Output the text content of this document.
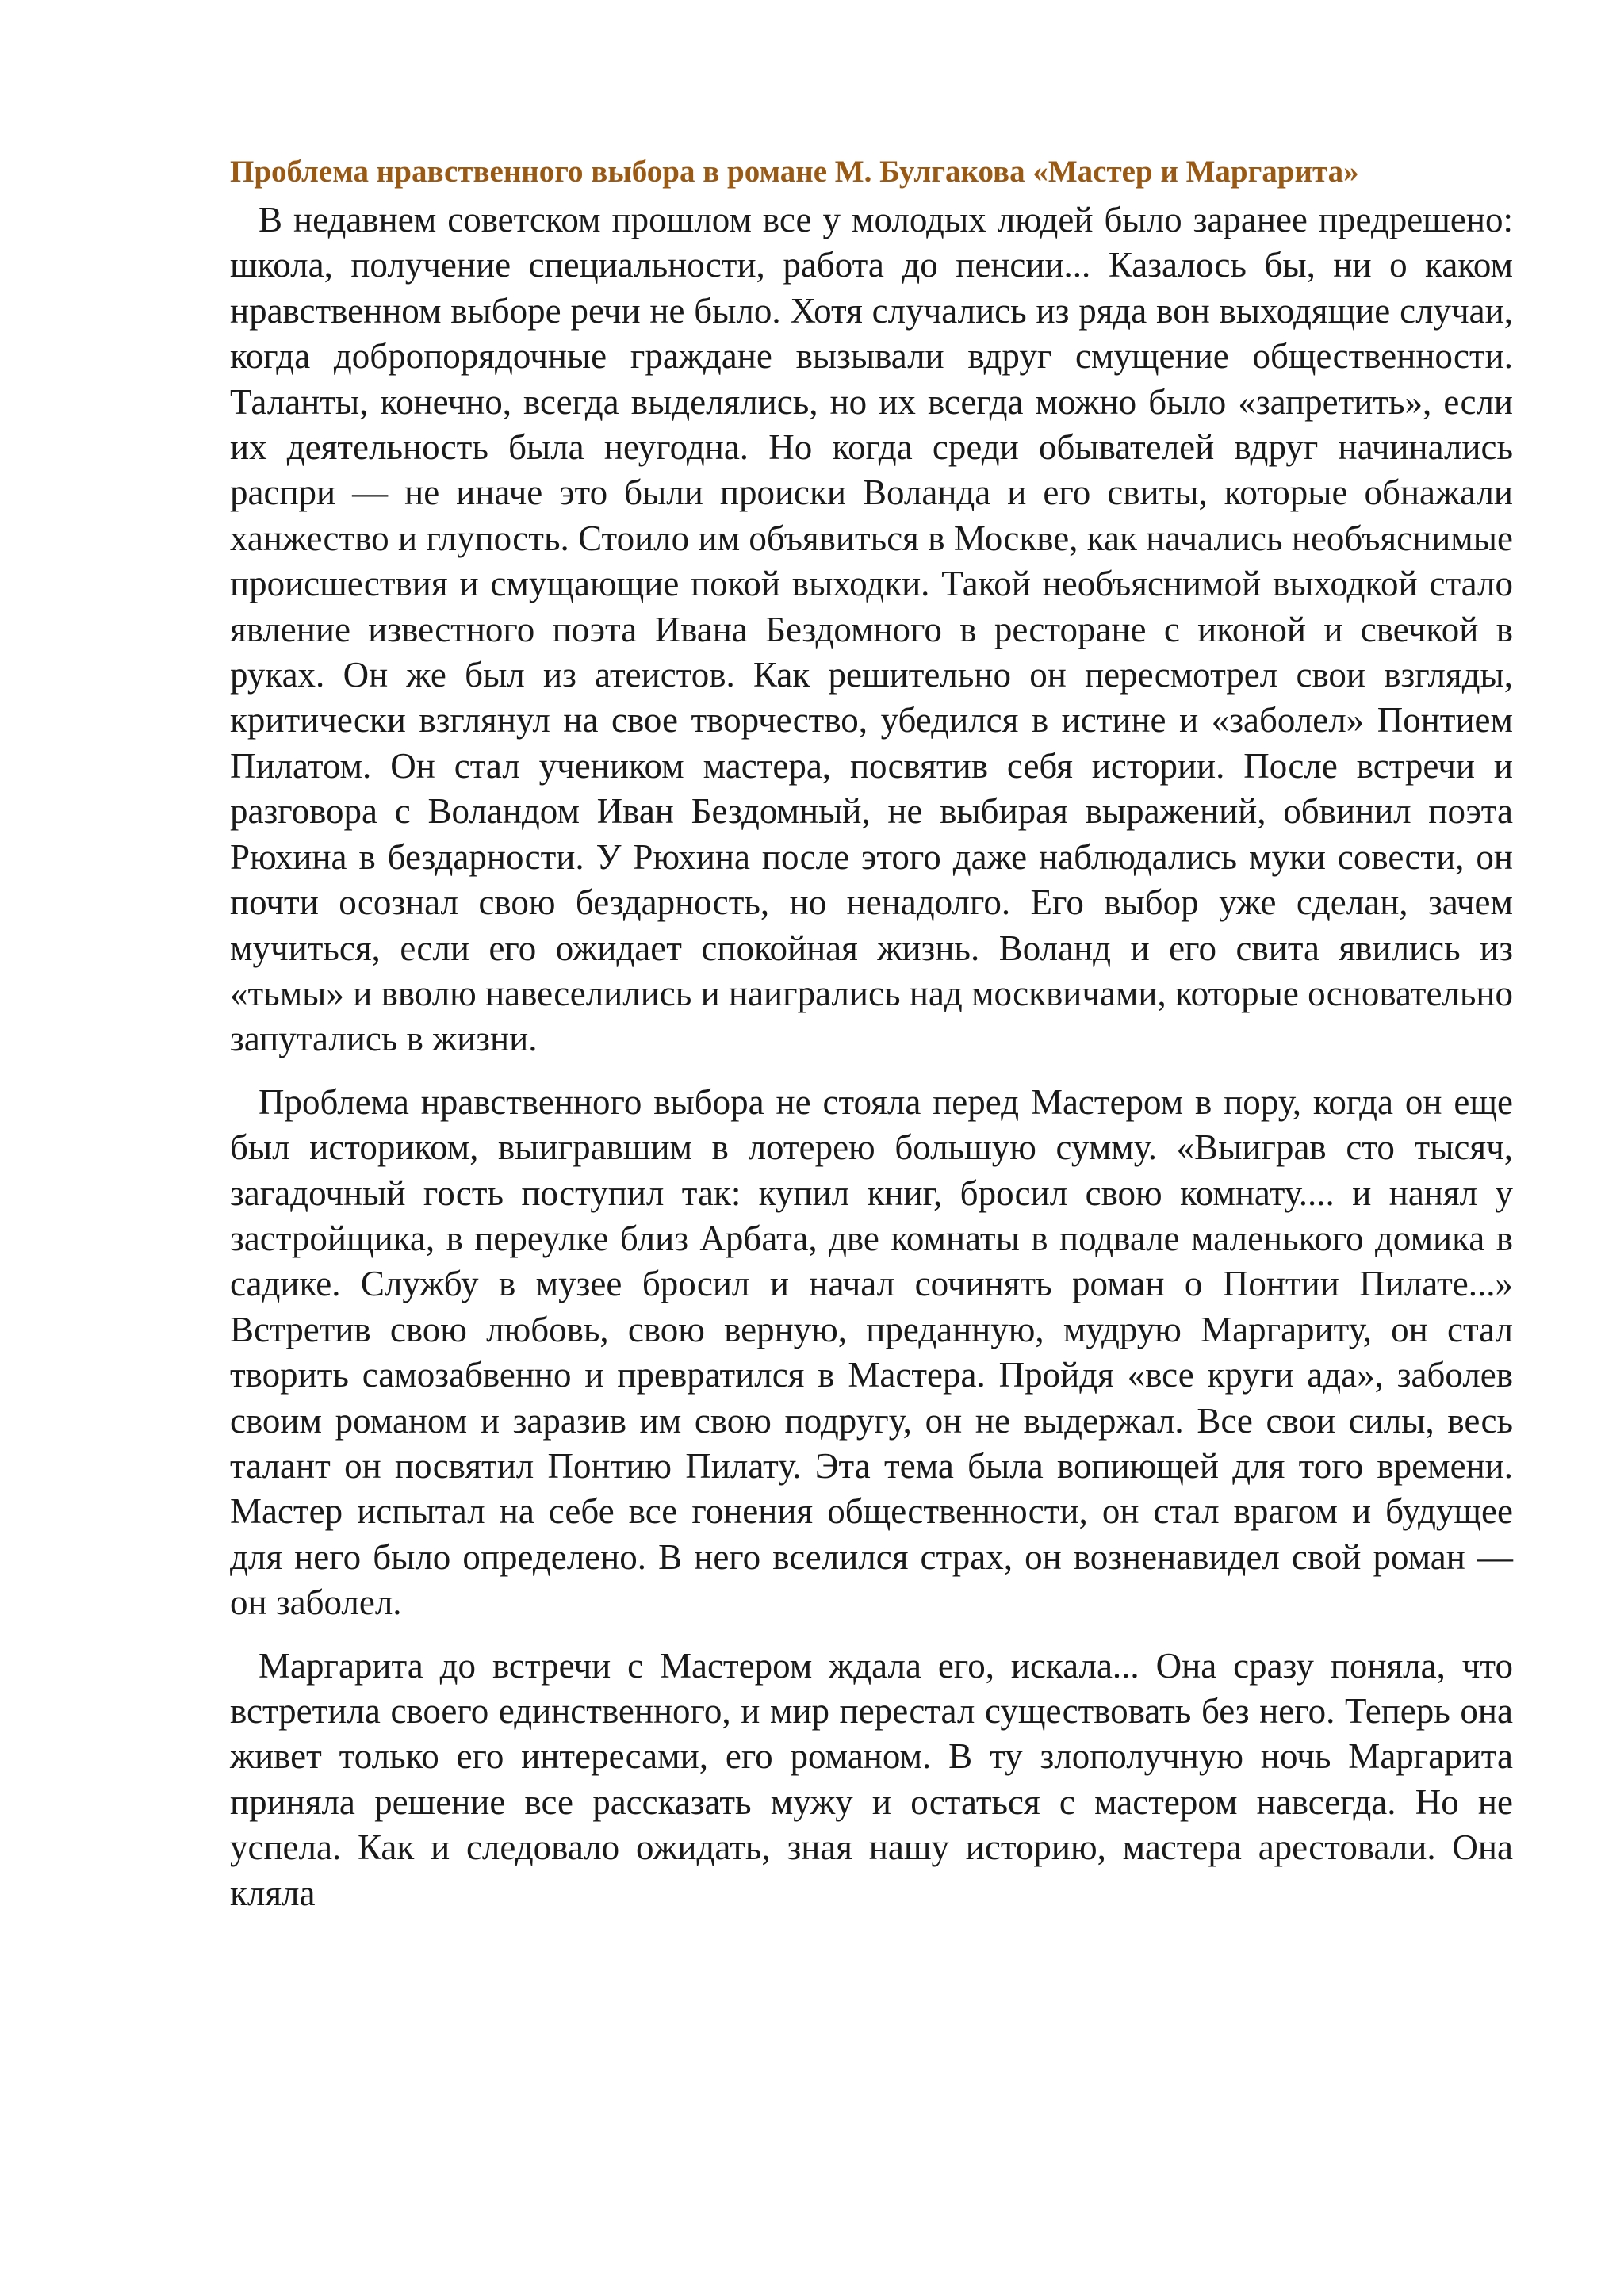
Проблема нравственного выбора в романе М. Булгакова «Мастер и Маргарита»

В недавнем советском прошлом все у молодых людей было заранее предрешено: школа, получение специальности, работа до пенсии... Казалось бы, ни о каком нравственном выборе речи не было. Хотя случались из ряда вон выходящие случаи, когда добропорядочные граждане вызывали вдруг смущение общественности. Таланты, конечно, всегда выделялись, но их всегда можно было «запретить», если их деятельность была неугодна. Но когда среди обывателей вдруг начинались распри — не иначе это были происки Воланда и его свиты, которые обнажали ханжество и глупость. Стоило им объявиться в Москве, как начались необъяснимые происшествия и смущающие покой выходки. Такой необъяснимой выходкой стало явление известного поэта Ивана Бездомного в ресторане с иконой и свечкой в руках. Он же был из атеистов. Как решительно он пересмотрел свои взгляды, критически взглянул на свое творчество, убедился в истине и «заболел» Понтием Пилатом. Он стал учеником мастера, посвятив себя истории. После встречи и разговора с Воландом Иван Бездомный, не выбирая выражений, обвинил поэта Рюхина в бездарности. У Рюхина после этого даже наблюдались муки совести, он почти осознал свою бездарность, но ненадолго. Его выбор уже сделан, зачем мучиться, если его ожидает спокойная жизнь. Воланд и его свита явились из «тьмы» и вволю навеселились и наигрались над москвичами, которые основательно запутались в жизни.

Проблема нравственного выбора не стояла перед Мастером в пору, когда он еще был историком, выигравшим в лотерею большую сумму. «Выиграв сто тысяч, загадочный гость поступил так: купил книг, бросил свою комнату.... и нанял у застройщика, в переулке близ Арбата, две комнаты в подвале маленького домика в садике. Службу в музее бросил и начал сочинять роман о Понтии Пилате...» Встретив свою любовь, свою верную, преданную, мудрую Маргариту, он стал творить самозабвенно и превратился в Мастера. Пройдя «все круги ада», заболев своим романом и заразив им свою подругу, он не выдержал. Все свои силы, весь талант он посвятил Понтию Пилату. Эта тема была вопиющей для того времени. Мастер испытал на себе все гонения общественности, он стал врагом и будущее для него было определено. В него вселился страх, он возненавидел свой роман — он заболел.

Маргарита до встречи с Мастером ждала его, искала... Она сразу поняла, что встретила своего единственного, и мир перестал существовать без него. Теперь она живет только его интересами, его романом. В ту злополучную ночь Маргарита приняла решение все рассказать мужу и остаться с мастером навсегда. Но не успела. Как и следовало ожидать, зная нашу историю, мастера арестовали. Она кляла
